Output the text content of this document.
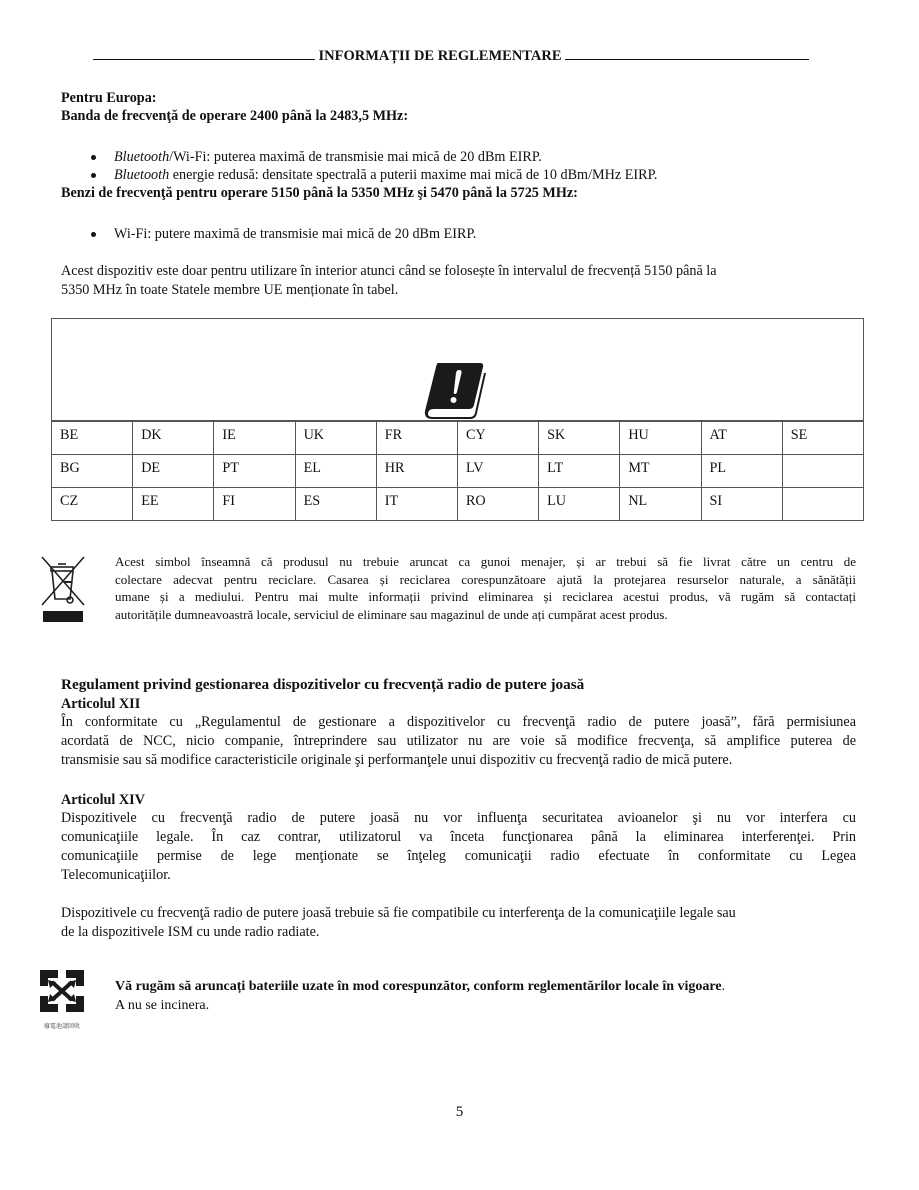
INFORMAȚII DE REGLEMENTARE
Pentru Europa:
Banda de frecvenţă de operare 2400 până la 2483,5 MHz:
Bluetooth/Wi-Fi: puterea maximă de transmisie mai mică de 20 dBm EIRP.
Bluetooth energie redusă: densitate spectrală a puterii maxime mai mică de 10 dBm/MHz EIRP.
Benzi de frecvenţă pentru operare 5150 până la 5350 MHz şi 5470 până la 5725 MHz:
Wi-Fi: putere maximă de transmisie mai mică de 20 dBm EIRP.
Acest dispozitiv este doar pentru utilizare în interior atunci când se folosește în intervalul de frecvență 5150 până la
5350 MHz în toate Statele membre UE menționate în tabel.

BE	DK	IE	UK	FR	CY	SK	HU	AT	SE
BG	DE	PT	EL	HR	LV	LT	MT	PL	
CZ	EE	FI	ES	IT	RO	LU	NL	SI	
Acest simbol înseamnă că produsul nu trebuie aruncat ca gunoi menajer, și ar trebui să fie livrat către un centru de
colectare adecvat pentru reciclare. Casarea și reciclarea corespunzătoare ajută la protejarea resurselor naturale, a sănătății
umane și a mediului. Pentru mai multe informații privind eliminarea și reciclarea acestui produs, vă rugăm să contactați
autoritățile dumneavoastră locale, serviciul de eliminare sau magazinul de unde ați cumpărat acest produs.
Regulament privind gestionarea dispozitivelor cu frecvență radio de putere joasă
Articolul XII
În conformitate cu „Regulamentul de gestionare a dispozitivelor cu frecvenţă radio de putere joasă”, fără permisiunea
acordată de NCC, nicio companie, întreprindere sau utilizator nu are voie să modifice frecvenţa, să amplifice puterea de
transmisie sau să modifice caracteristicile originale şi performanţele unui dispozitiv cu frecvenţă radio de mică putere.
Articolul XIV
Dispozitivele cu frecvenţă radio de putere joasă nu vor influenţa securitatea avioanelor şi nu vor interfera cu
comunicaţiile legale. În caz contrar, utilizatorul va înceta funcţionarea până la eliminarea interferenţei. Prin
comunicaţiile permise de lege menţionate se înţeleg comunicaţii radio efectuate în conformitate cu Legea
Telecomunicaţiilor.
Dispozitivele cu frecvenţă radio de putere joasă trebuie să fie compatibile cu interferenţa de la comunicaţiile legale sau
de la dispozitivele ISM cu unde radio radiate.
廢電池請回收
Vă rugăm să aruncați bateriile uzate în mod corespunzător, conform reglementărilor locale în vigoare.
A nu se incinera.
5
